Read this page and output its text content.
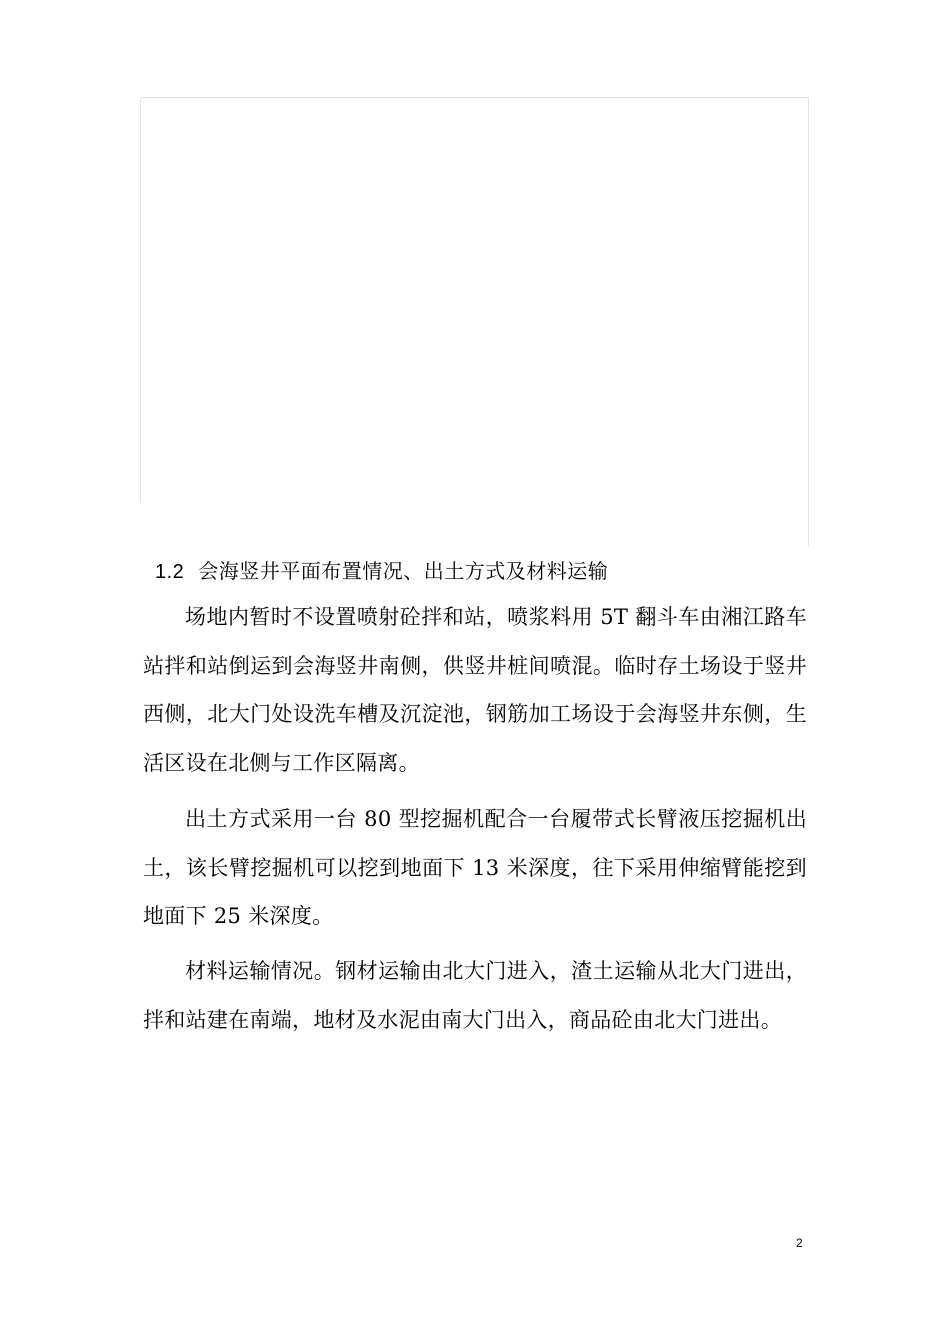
1.2 会海竖井平面布置情况、出土方式及材料运输

场地内暂时不设置喷射砼拌和站，喷浆料用 5T 翻斗车由湘江路车站拌和站倒运到会海竖井南侧，供竖井桩间喷混。临时存土场设于竖井西侧，北大门处设洗车槽及沉淀池，钢筋加工场设于会海竖井东侧，生活区设在北侧与工作区隔离。

出土方式采用一台 80 型挖掘机配合一台履带式长臂液压挖掘机出土，该长臂挖掘机可以挖到地面下 13 米深度，往下采用伸缩臂能挖到地面下 25 米深度。

材料运输情况。钢材运输由北大门进入，渣土运输从北大门进出，拌和站建在南端，地材及水泥由南大门出入，商品砼由北大门进出。

2
